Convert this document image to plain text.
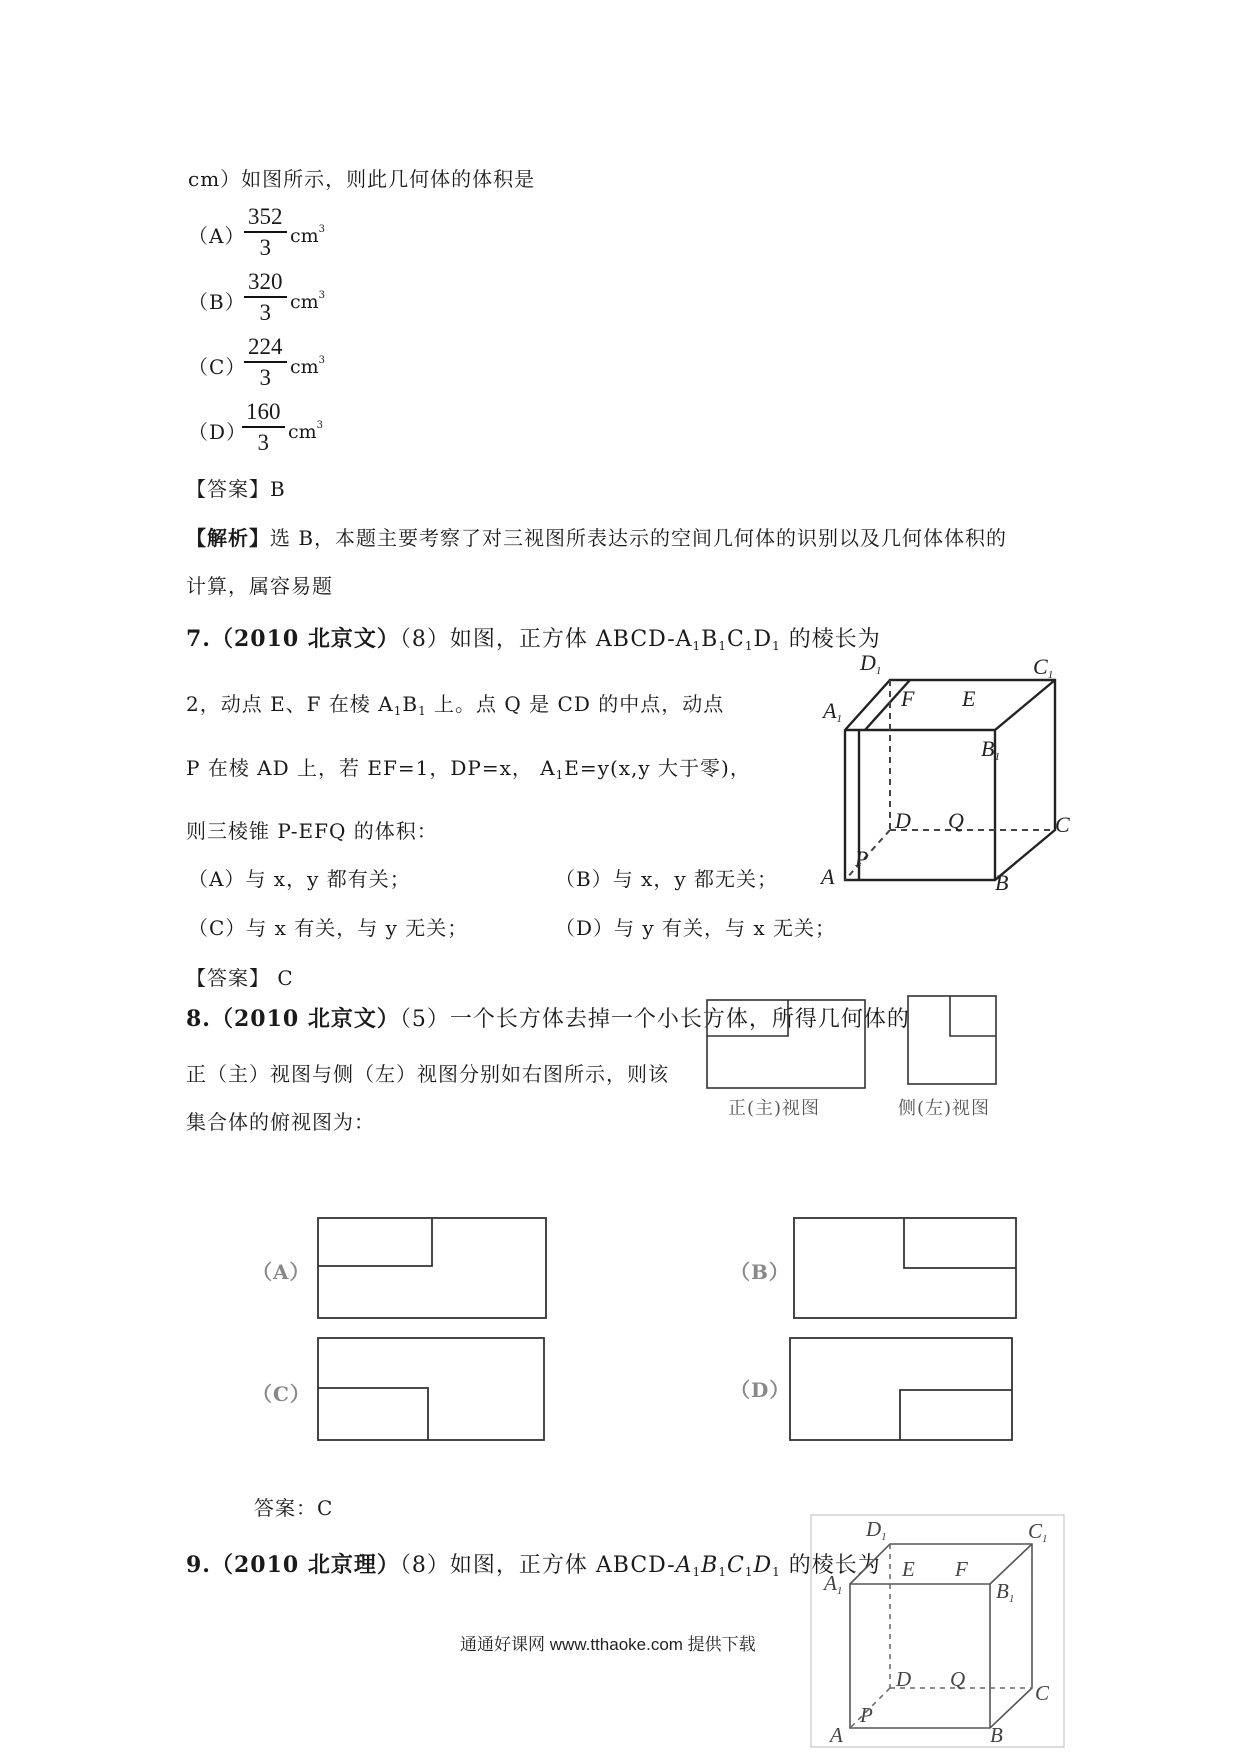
cm）如图所示，则此几何体的体积是
（A）
$\frac{352}{3} cm^3$
（B）
$\frac{320}{3} cm^3$
（C）
$\frac{224}{3} cm^3$
（D）
$\frac{160}{3} cm^3$
【答案】B
【解析】选 B，本题主要考察了对三视图所表达示的空间几何体的识别以及几何体体积的
计算，属容易题
7.（2010 北京文）（8）如图，正方体 ABCD-$A_1B_1C_1D_1$ 的棱长为
2，动点 E、F 在棱 $A_1B_1$ 上。点 Q 是 CD 的中点，动点
P 在棱 AD 上，若 EF=1，DP=x， $A_1E=y(x,y$ 大于零)，
则三棱锥 P-EFQ 的体积：
（A）与 x，y 都有关；	（B）与 x，y 都无关；
（C）与 x 有关，与 y 无关；	（D）与 y 有关，与 x 无关；
【答案】 C
D1	C1
A1
B1
F E
D Q	C
A	B
P
8.（2010 北京文）（5）一个长方体去掉一个小长方体，所得几何体的
正（主）视图与侧（左）视图分别如右图所示，则该
集合体的俯视图为：
正(主)视图	侧(左)视图
（A）	（B）
（C）	（D）
答案：C
9.（2010 北京理）（8）如图，正方体 ABCD-$A_1B_1C_1D_1$ 的棱长为
D1	C1
A1	B1
E F
D Q
C
A	B
P
通通好课网 www.tthaoke.com 提供下载
